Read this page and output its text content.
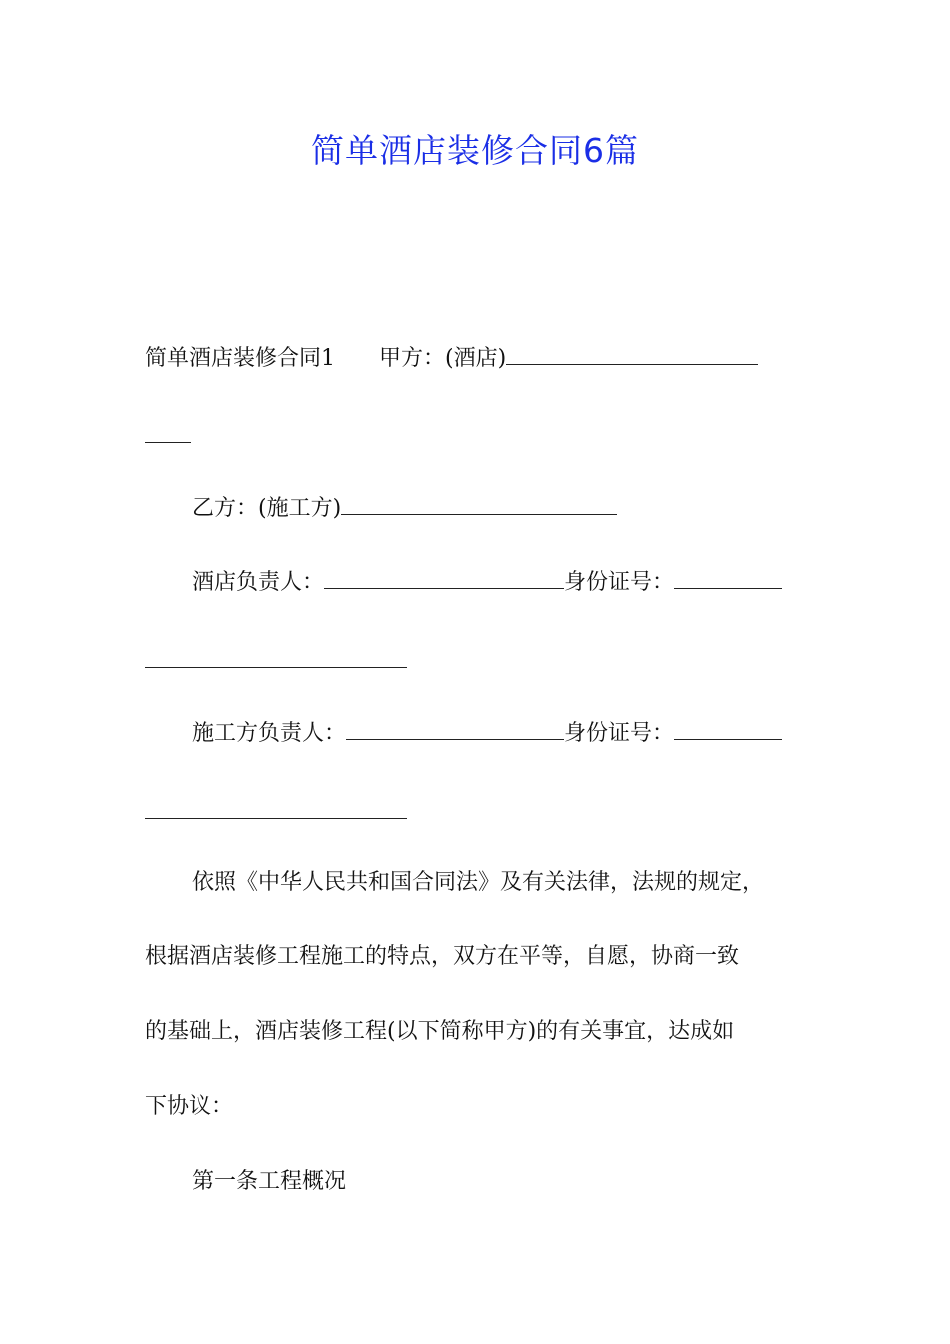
简单酒店装修合同6篇
简单酒店装修合同1 甲方：(酒店)
乙方：(施工方)
酒店负责人：	身份证号：
施工方负责人：	身份证号：
依照《中华人民共和国合同法》及有关法律，法规的规定，
根据酒店装修工程施工的特点，双方在平等，自愿，协商一致
的基础上，酒店装修工程(以下简称甲方)的有关事宜，达成如
下协议：
第一条工程概况
